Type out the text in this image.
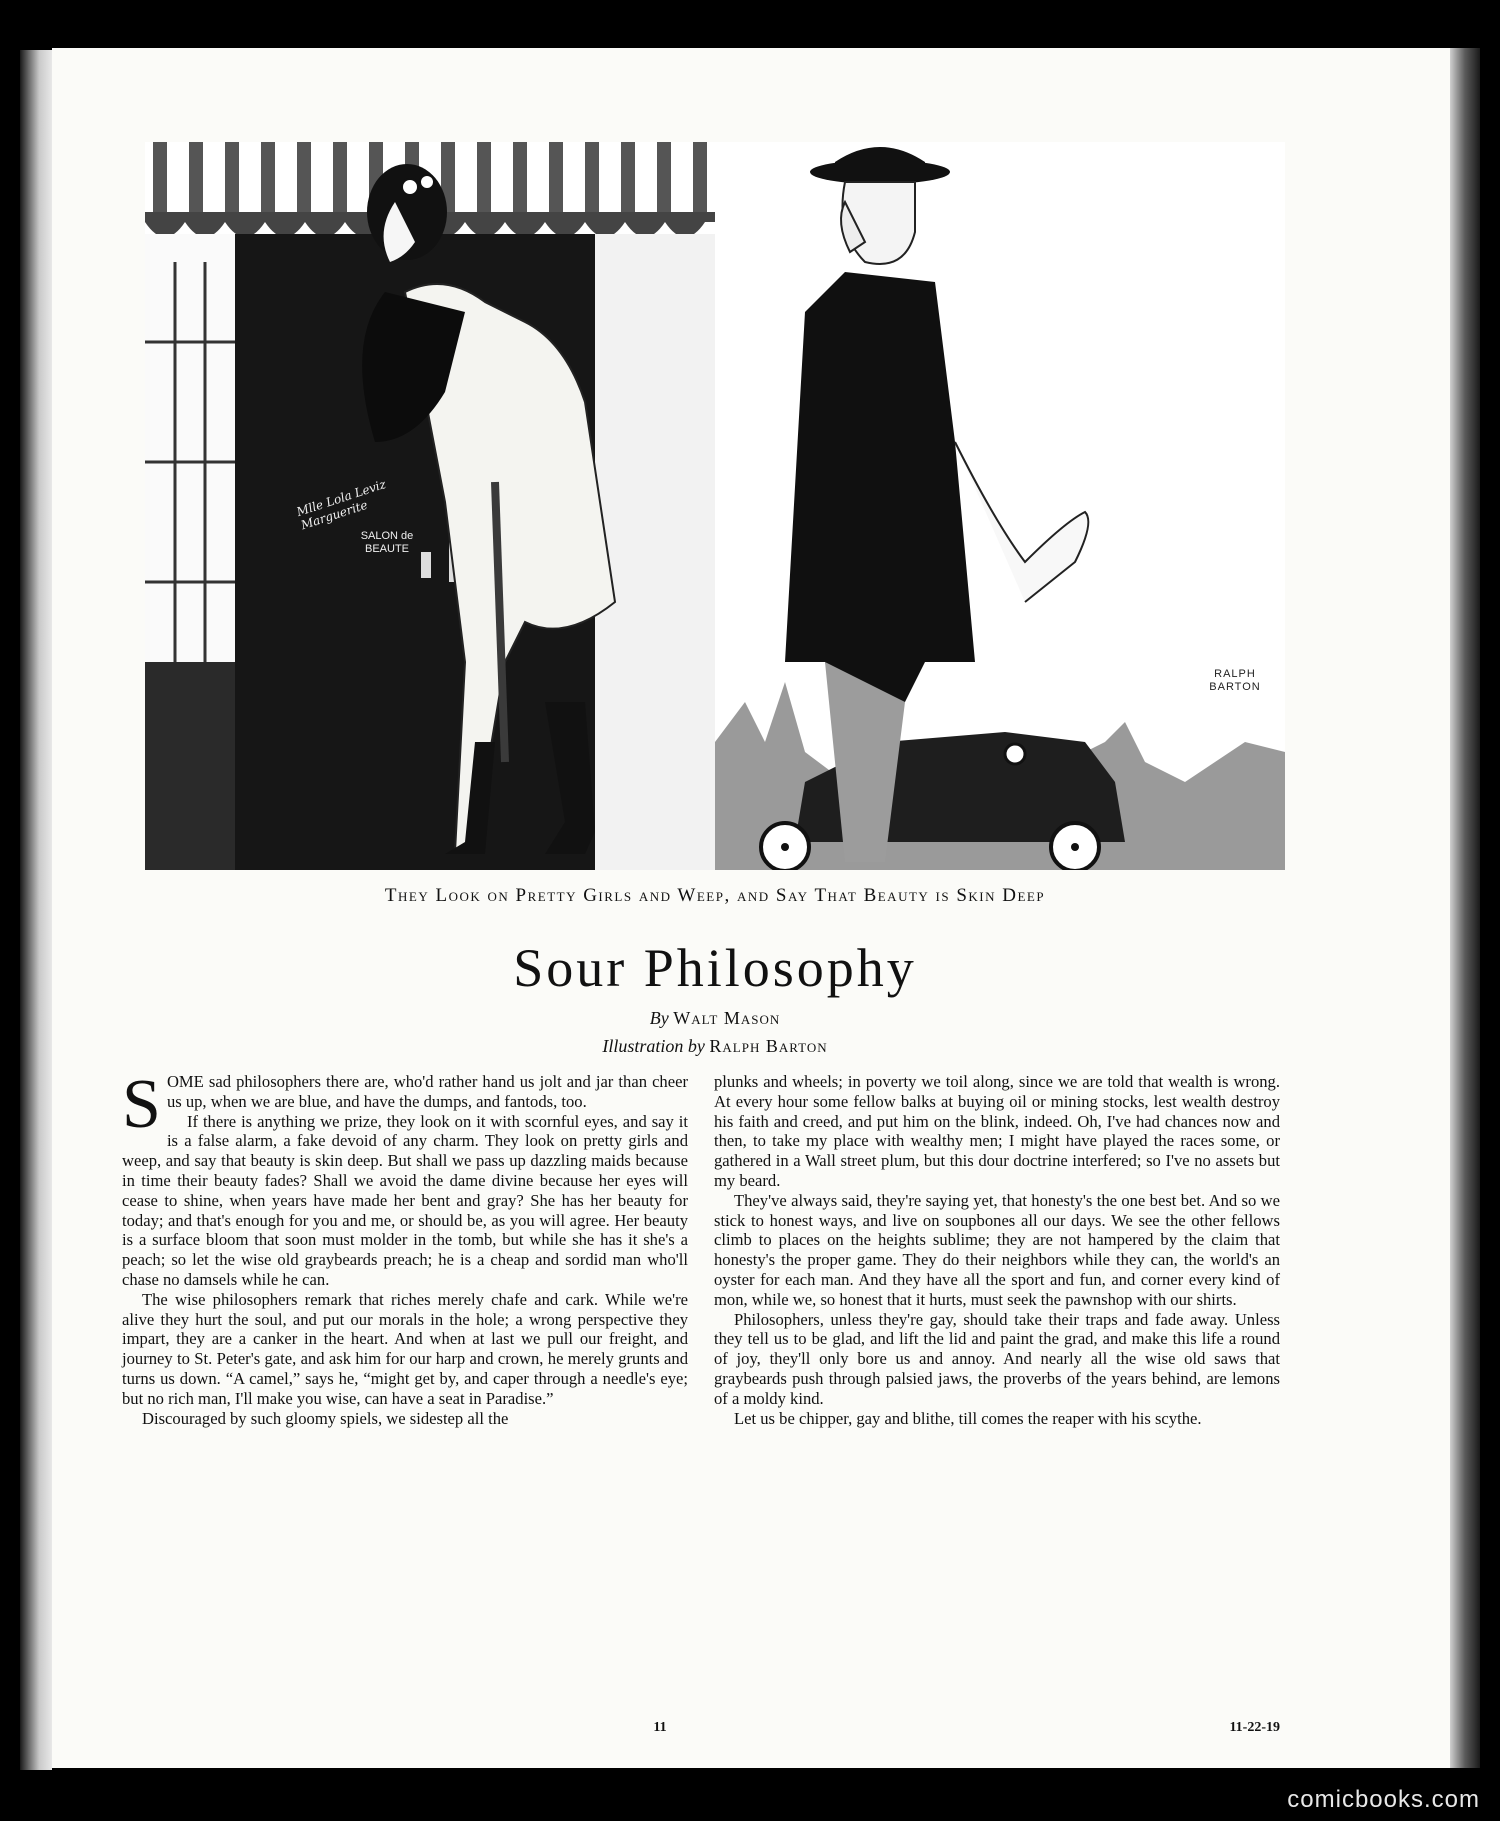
Mlle Lola Leviz Marguerite
SALON de BEAUTE
RALPH BARTON
They Look on Pretty Girls and Weep, and Say That Beauty is Skin Deep
Sour Philosophy
By Walt Mason
Illustration by Ralph Barton

SOME sad philosophers there are, who'd rather hand us jolt and jar than cheer us up, when we are blue, and have the dumps, and fantods, too.

If there is anything we prize, they look on it with scornful eyes, and say it is a false alarm, a fake devoid of any charm. They look on pretty girls and weep, and say that beauty is skin deep. But shall we pass up dazzling maids because in time their beauty fades? Shall we avoid the dame divine because her eyes will cease to shine, when years have made her bent and gray? She has her beauty for today; and that's enough for you and me, or should be, as you will agree. Her beauty is a surface bloom that soon must molder in the tomb, but while she has it she's a peach; so let the wise old graybeards preach; he is a cheap and sordid man who'll chase no damsels while he can.

The wise philosophers remark that riches merely chafe and cark. While we're alive they hurt the soul, and put our morals in the hole; a wrong perspective they impart, they are a canker in the heart. And when at last we pull our freight, and journey to St. Peter's gate, and ask him for our harp and crown, he merely grunts and turns us down. “A camel,” says he, “might get by, and caper through a needle's eye; but no rich man, I'll make you wise, can have a seat in Paradise.”

Discouraged by such gloomy spiels, we sidestep all the

plunks and wheels; in poverty we toil along, since we are told that wealth is wrong. At every hour some fellow balks at buying oil or mining stocks, lest wealth destroy his faith and creed, and put him on the blink, indeed. Oh, I've had chances now and then, to take my place with wealthy men; I might have played the races some, or gathered in a Wall street plum, but this dour doctrine interfered; so I've no assets but my beard.

They've always said, they're saying yet, that honesty's the one best bet. And so we stick to honest ways, and live on soupbones all our days. We see the other fellows climb to places on the heights sublime; they are not hampered by the claim that honesty's the proper game. They do their neighbors while they can, the world's an oyster for each man. And they have all the sport and fun, and corner every kind of mon, while we, so honest that it hurts, must seek the pawnshop with our shirts.

Philosophers, unless they're gay, should take their traps and fade away. Unless they tell us to be glad, and lift the lid and paint the grad, and make this life a round of joy, they'll only bore us and annoy. And nearly all the wise old saws that graybeards push through palsied jaws, the proverbs of the years behind, are lemons of a moldy kind.

Let us be chipper, gay and blithe, till comes the reaper with his scythe.

11	11-22-19
comicbooks.com
